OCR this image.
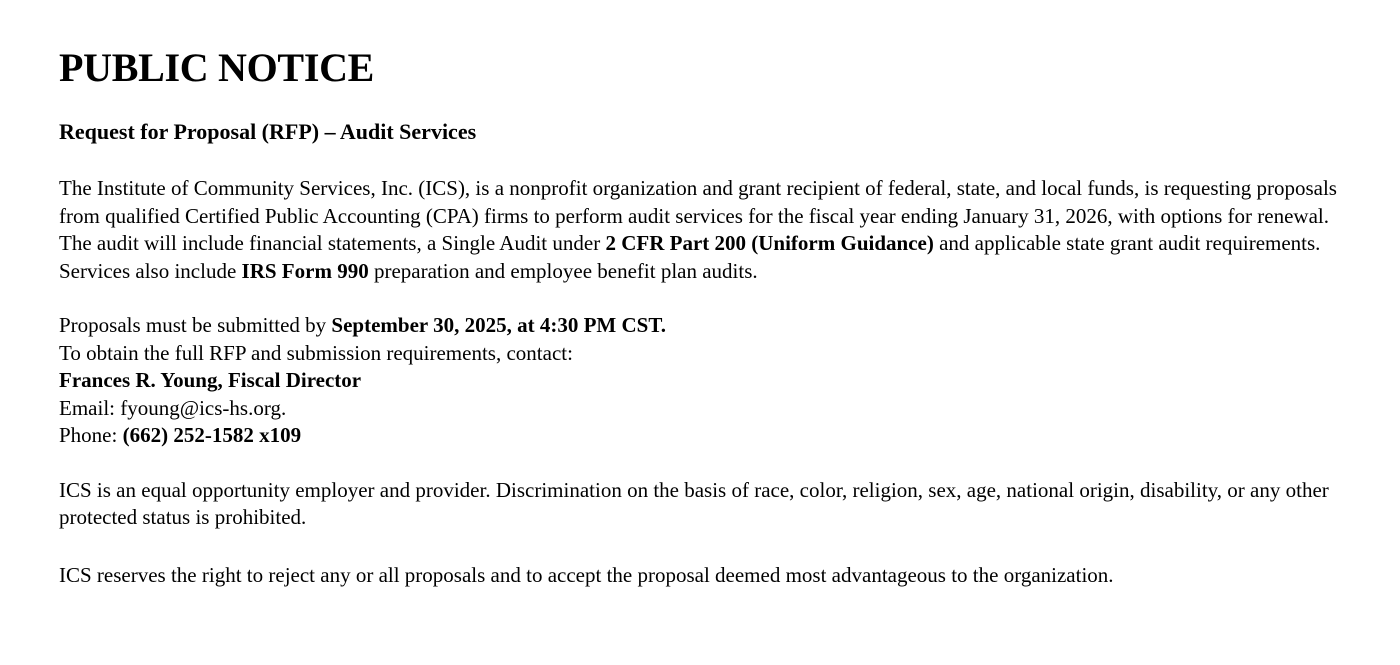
PUBLIC NOTICE
Request for Proposal (RFP) – Audit Services

The Institute of Community Services, Inc. (ICS), is a nonprofit organization and grant recipient of federal, state, and local funds, is requesting proposals from qualified Certified Public Accounting (CPA) firms to perform audit services for the fiscal year ending January 31, 2026, with options for renewal. The audit will include financial statements, a Single Audit under 2 CFR Part 200 (Uniform Guidance) and applicable state grant audit requirements. Services also include IRS Form 990 preparation and employee benefit plan audits.

Proposals must be submitted by September 30, 2025, at 4:30 PM CST.
To obtain the full RFP and submission requirements, contact:
Frances R. Young, Fiscal Director
Email: fyoung@ics-hs.org.
Phone: (662) 252-1582 x109

ICS is an equal opportunity employer and provider. Discrimination on the basis of race, color, religion, sex, age, national origin, disability, or any other protected status is prohibited.

ICS reserves the right to reject any or all proposals and to accept the proposal deemed most advantageous to the organization.
